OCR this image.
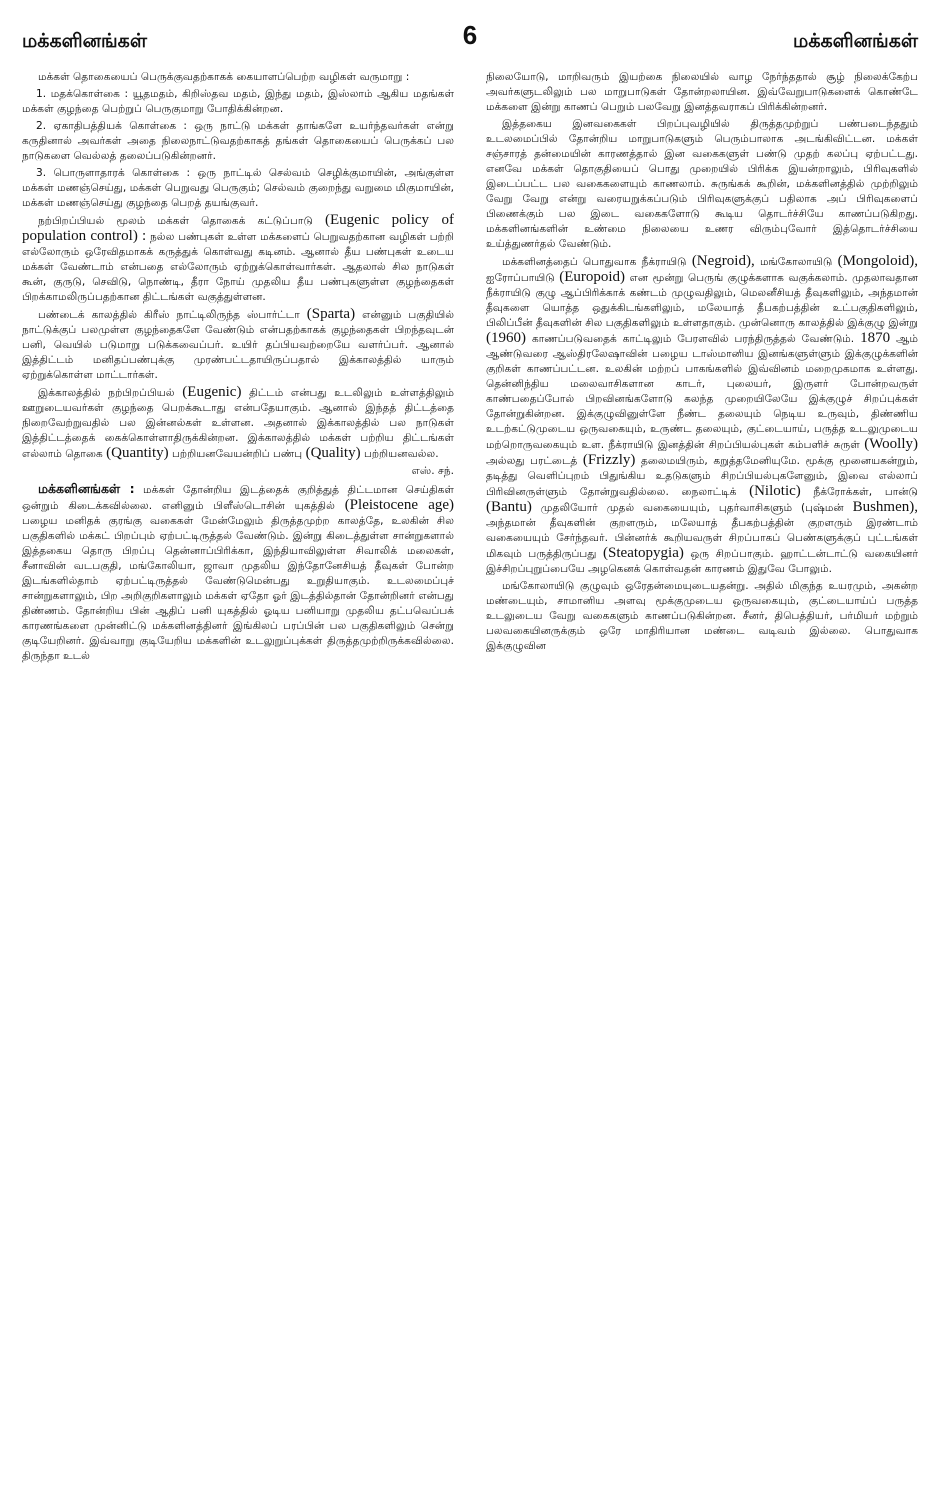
மக்களினங்கள்	6	மக்களினங்கள்

மக்கள் தொகையைப் பெருக்குவதற்காகக் கையாளப்பெற்ற வழிகள் வருமாறு :

1. மதக்கொள்கை : யூதமதம், கிறிஸ்தவ மதம், இந்து மதம், இஸ்லாம் ஆகிய மதங்கள் மக்கள் குழந்தை பெற்றுப் பெருகுமாறு போதிக்கின்றன.

2. ஏகாதிபத்தியக் கொள்கை : ஒரு நாட்டு மக்கள் தாங்களே உயர்ந்தவர்கள் என்று கருதினால் அவர்கள் அதை நிலைநாட்டுவதற்காகத் தங்கள் தொகையைப் பெருக்கப் பல நாடுகளை வெல்லத் தலைப்படுகின்றனர்.

3. பொருளாதாரக் கொள்கை : ஒரு நாட்டில் செல்வம் செழிக்குமாயின், அங்குள்ள மக்கள் மணஞ்செய்து, மக்கள் பெறுவது பெருகும்; செல்வம் குறைந்து வறுமை மிகுமாயின், மக்கள் மணஞ்செய்து குழந்தை பெறத் தயங்குவர்.

நற்பிறப்பியல் மூலம் மக்கள் தொகைக் கட்டுப்பாடு (Eugenic policy of population control) : நல்ல பண்புகள் உள்ள மக்களைப் பெறுவதற்கான வழிகள் பற்றி எல்லோரும் ஒரேவிதமாகக் கருத்துக் கொள்வது கடினம். ஆனால் தீய பண்புகள் உடைய மக்கள் வேண்டாம் என்பதை எல்லோரும் ஏற்றுக்கொள்வார்கள். ஆதலால் சில நாடுகள் கூன், குருடு, செவிடு, நொண்டி, தீரா நோய் முதலிய தீய பண்புகளுள்ள குழந்தைகள் பிறக்காமலிருப்பதற்கான திட்டங்கள் வகுத்துள்ளன.

பண்டைக் காலத்தில் கிரீஸ் நாட்டிலிருந்த ஸ்பார்ட்டா (Sparta) என்னும் பகுதியில் நாட்டுக்குப் பலமுள்ள குழந்தைகளே வேண்டும் என்பதற்காகக் குழந்தைகள் பிறந்தவுடன் பனி, வெயில் படுமாறு படுக்கவைப்பர். உயிர் தப்பியவற்றையே வளர்ப்பர். ஆனால் இத்திட்டம் மனிதப்பண்புக்கு முரண்பட்டதாயிருப்பதால் இக்காலத்தில் யாரும் ஏற்றுக்கொள்ள மாட்டார்கள்.

இக்காலத்தில் நற்பிறப்பியல் (Eugenic) திட்டம் என்பது உடலிலும் உள்ளத்திலும் ஊறுடையவர்கள் குழந்தை பெறக்கூடாது என்பதேயாகும். ஆனால் இந்தத் திட்டத்தை நிறைவேற்றுவதில் பல இன்னல்கள் உள்ளன. அதனால் இக்காலத்தில் பல நாடுகள் இத்திட்டத்தைக் கைக்கொள்ளாதிருக்கின்றன. இக்காலத்தில் மக்கள் பற்றிய திட்டங்கள் எல்லாம் தொகை (Quantity) பற்றியனவேயன்றிப் பண்பு (Quality) பற்றியனவல்ல.

எஸ். சந்.

மக்களினங்கள் : மக்கள் தோன்றிய இடத்தைக் குறித்துத் திட்டமான செய்திகள் ஒன்றும் கிடைக்கவில்லை. எனினும் பிளீஸ்டொசின் யுகத்தில் (Pleistocene age) பழைய மனிதக் குரங்கு வகைகள் மேன்மேலும் திருத்தமுற்ற காலத்தே, உலகின் சில பகுதிகளில் மக்கட் பிறப்பும் ஏற்பட்டிருத்தல் வேண்டும். இன்று கிடைத்துள்ள சான்றுகளால் இத்தகைய தொரு பிறப்பு தென்னாப்பிரிக்கா, இந்தியாவிலுள்ள சிவாலிக் மலைகள், சீனாவின் வடபகுதி, மங்கோலியா, ஜாவா முதலிய இந்தோனேசியத் தீவுகள் போன்ற இடங்களில்தாம் ஏற்பட்டிருத்தல் வேண்டுமென்பது உறுதியாகும். உடலமைப்புச் சான்றுகளாலும், பிற அறிகுறிகளாலும் மக்கள் ஏதோ ஓர் இடத்தில்தான் தோன்றினர் என்பது திண்ணம். தோன்றிய பின் ஆதிப் பனி யுகத்தில் ஓடிய பனியாறு முதலிய தட்பவெப்பக் காரணங்களை முன்னிட்டு மக்களினத்தினர் இங்கிலப் பரப்பின் பல பகுதிகளிலும் சென்று குடியேறினர். இவ்வாறு குடியேறிய மக்களின் உடலுறுப்புக்கள் திருத்தமுற்றிருக்கவில்லை. திருந்தா உடல்

நிலையோடு, மாறிவரும் இயற்கை நிலையில் வாழ நேர்ந்ததால் சூழ் நிலைக்கேற்ப அவர்களுடலிலும் பல மாறுபாடுகள் தோன்றலாயின. இவ்வேறுபாடுகளைக் கொண்டே மக்களை இன்று காணப் பெறும் பலவேறு இனத்தவராகப் பிரிக்கின்றனர்.

இத்தகைய இனவகைகள் பிறப்புவழியில் திருத்தமுற்றுப் பண்படைந்ததும் உடலமைப்பில் தோன்றிய மாறுபாடுகளும் பெரும்பாலாக அடங்கிவிட்டன. மக்கள் சஞ்சாரத் தன்மையின் காரணத்தால் இன வகைகளுள் பண்டு முதற் கலப்பு ஏற்பட்டது. எனவே மக்கள் தொகுதியைப் பொது முறையில் பிரிக்க இயன்றாலும், பிரிவுகளில் இடைப்பட்ட பல வகைகளையும் காணலாம். சுருங்கக் கூறின், மக்களினத்தில் முற்றிலும் வேறு வேறு என்று வரையறுக்கப்படும் பிரிவுகளுக்குப் பதிலாக அப் பிரிவுகளைப் பிணைக்கும் பல இடை வகைகளோடு கூடிய தொடர்ச்சியே காணப்படுகிறது. மக்களினங்களின் உண்மை நிலையை உணர விரும்புவோர் இத்தொடர்ச்சியை உய்த்துணர்தல் வேண்டும்.

மக்களினத்தைப் பொதுவாக நீக்ராயிடு (Negroid), மங்கோலாயிடு (Mongoloid), ஐரோப்பாயிடு (Europoid) என மூன்று பெருங் குழுக்களாக வகுக்கலாம். முதலாவதான நீக்ராயிடு குழு ஆப்பிரிக்காக் கண்டம் முழுவதிலும், மெலனீசியத் தீவுகளிலும், அந்தமான் தீவுகளை யொத்த ஒதுக்கிடங்களிலும், மலேயாத் தீபகற்பத்தின் உட்பகுதிகளிலும், பிலிப்பீன் தீவுகளின் சில பகுதிகளிலும் உள்ளதாகும். முன்னொரு காலத்தில் இக்குழு இன்று (1960) காணப்படுவதைக் காட்டிலும் பேரளவில் பரந்திருத்தல் வேண்டும். 1870 ஆம் ஆண்டுவரை ஆஸ்திரலேஷாவின் பழைய டாஸ்மானிய இனங்களுள்ளும் இக்குழுக்களின் குறிகள் காணப்பட்டன. உலகின் மற்றப் பாகங்களில் இவ்வினம் மறைமுகமாக உள்ளது. தென்னிந்திய மலைவாசிகளான காடர், புலையர், இருளர் போன்றவருள் காண்பதைப்போல் பிறவினங்களோடு கலந்த முறையிலேயே இக்குழுச் சிறப்புக்கள் தோன்றுகின்றன. இக்குழுவினுள்ளே நீண்ட தலையும் நெடிய உருவும், திண்ணிய உடற்கட்டுமுடைய ஒருவகையும், உருண்ட தலையும், குட்டையாய், பருத்த உடலுமுடைய மற்றொருவகையும் உள. நீக்ராயிடு இனத்தின் சிறப்பியல்புகள் கம்பளிச் சுருள் (Woolly) அல்லது பரட்டைத் (Frizzly) தலைமயிரும், கறுத்தமேனியுமே. மூக்கு மூனையகன்றும், தடித்து வெளிப்புறம் பிதுங்கிய உதடுகளும் சிறப்பியல்புகளேனும், இவை எல்லாப் பிரிவினருள்ளும் தோன்றுவதில்லை. நைலாட்டிக் (Nilotic) நீக்ரோக்கள், பான்டு (Bantu) முதலியோர் முதல் வகையையும், புதர்வாசிகளும் (புஷ்மன் Bushmen), அந்தமான் தீவுகளின் குறளரும், மலேயாத் தீபகற்பத்தின் குறளரும் இரண்டாம் வகையையும் சேர்ந்தவர். பின்னர்க் கூறியவருள் சிறப்பாகப் பெண்களுக்குப் புட்டங்கள் மிகவும் பருத்திருப்பது (Steatopygia) ஒரு சிறப்பாகும். ஹாட்டன்டாட்டு வகையினர் இச்சிறப்புறுப்பையே அழகெனக் கொள்வதன் காரணம் இதுவே போலும்.

மங்கோலாயிடு குழுவும் ஒரேதன்மையுடையதன்று. அதில் மிகுந்த உயரமும், அகன்ற மண்டையும், சாமானிய அளவு மூக்குமுடைய ஒருவகையும், குட்டையாய்ப் பருத்த உடலுடைய வேறு வகைகளும் காணப்படுகின்றன. சீனர், திபெத்தியர், பர்மியர் மற்றும் பலவகையினருக்கும் ஒரே மாதிரியான மண்டை வடிவம் இல்லை. பொதுவாக இக்குழுவின
